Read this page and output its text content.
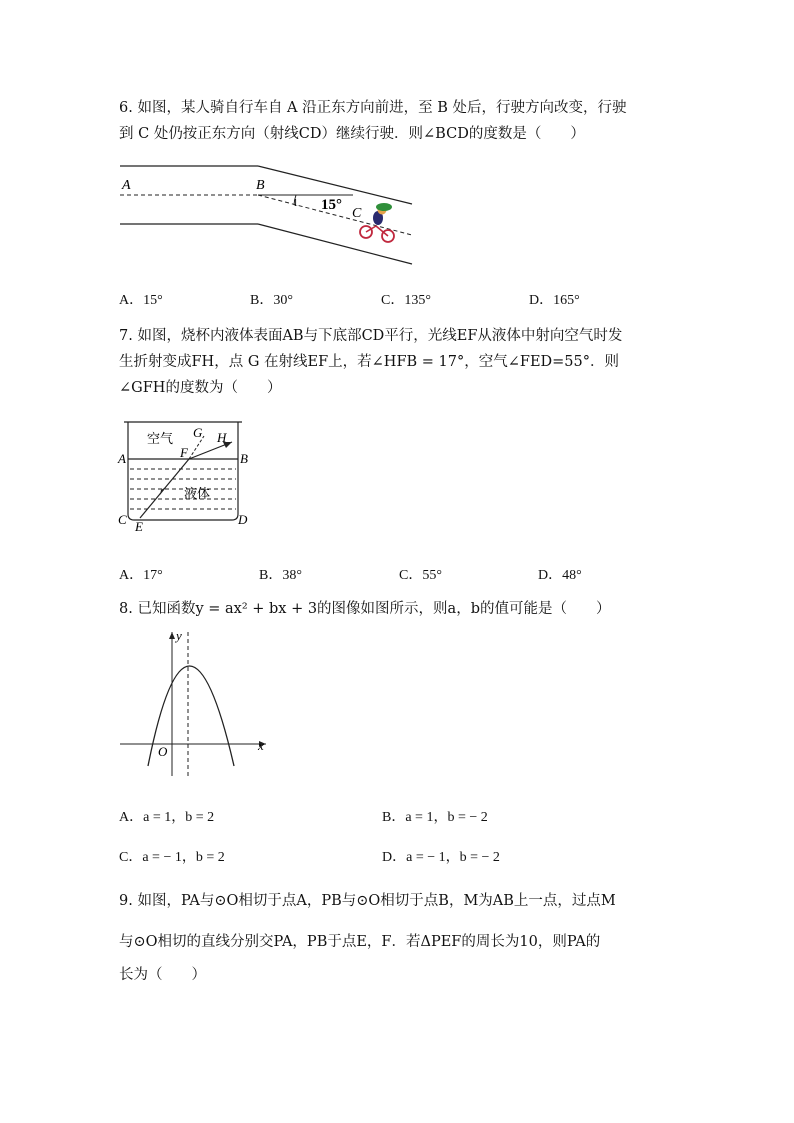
6. 如图，某人骑自行车自 A 沿正东方向前进，至 B 处后，行驶方向改变，行驶
到 C 处仍按正东方向（射线CD）继续行驶．则∠BCD的度数是（　　）
A	B
1 15°
C
A．15°	B．30°	C．135°	D．165°
7. 如图，烧杯内液体表面AB与下底部CD平行，光线EF从液体中射向空气时发
生折射变成FH，点 G 在射线EF上，若∠HFB = 17°，空气∠FED=55°．则
∠GFH的度数为（　　）
空气
液体
G H
F
A	B
C	D
E
A．17°	B．38°	C．55°	D．48°
8. 已知函数y = ax² + bx + 3的图像如图所示，则a，b的值可能是（　　）
y
x
O
A．a = 1，b = 2	B．a = 1，b = − 2
C．a = − 1，b = 2	D．a = − 1，b = − 2
9. 如图，PA与⊙O相切于点A，PB与⊙O相切于点B，M为AB上一点，过点M
与⊙O相切的直线分别交PA，PB于点E，F．若ΔPEF的周长为10，则PA的
长为（　　）
